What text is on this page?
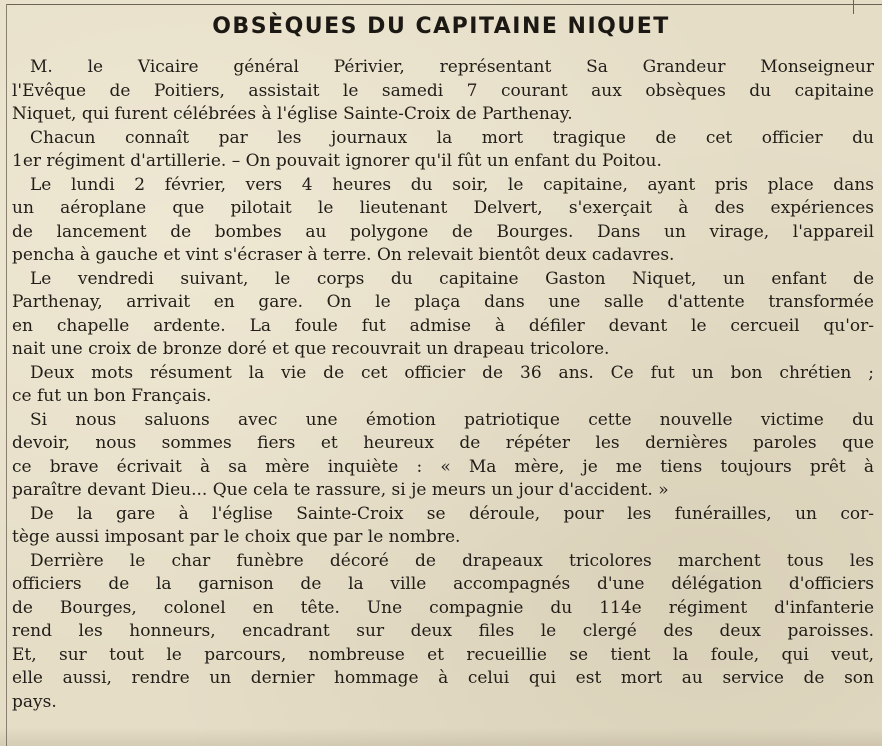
OBSÈQUES DU CAPITAINE NIQUET
M. le Vicaire général Périvier, représentant Sa Grandeur Monseigneur
l'Evêque de Poitiers, assistait le samedi 7 courant aux obsèques du capitaine
Niquet, qui furent célébrées à l'église Sainte-Croix de Parthenay.
Chacun connaît par les journaux la mort tragique de cet officier du
1er régiment d'artillerie. – On pouvait ignorer qu'il fût un enfant du Poitou.
Le lundi 2 février, vers 4 heures du soir, le capitaine, ayant pris place dans
un aéroplane que pilotait le lieutenant Delvert, s'exerçait à des expériences
de lancement de bombes au polygone de Bourges. Dans un virage, l'appareil
pencha à gauche et vint s'écraser à terre. On relevait bientôt deux cadavres.
Le vendredi suivant, le corps du capitaine Gaston Niquet, un enfant de
Parthenay, arrivait en gare. On le plaça dans une salle d'attente transformée
en chapelle ardente. La foule fut admise à défiler devant le cercueil qu'or-
nait une croix de bronze doré et que recouvrait un drapeau tricolore.
Deux mots résument la vie de cet officier de 36 ans. Ce fut un bon chrétien ;
ce fut un bon Français.
Si nous saluons avec une émotion patriotique cette nouvelle victime du
devoir, nous sommes fiers et heureux de répéter les dernières paroles que
ce brave écrivait à sa mère inquiète : « Ma mère, je me tiens toujours prêt à
paraître devant Dieu... Que cela te rassure, si je meurs un jour d'accident. »
De la gare à l'église Sainte-Croix se déroule, pour les funérailles, un cor-
tège aussi imposant par le choix que par le nombre.
Derrière le char funèbre décoré de drapeaux tricolores marchent tous les
officiers de la garnison de la ville accompagnés d'une délégation d'officiers
de Bourges, colonel en tête. Une compagnie du 114e régiment d'infanterie
rend les honneurs, encadrant sur deux files le clergé des deux paroisses.
Et, sur tout le parcours, nombreuse et recueillie se tient la foule, qui veut,
elle aussi, rendre un dernier hommage à celui qui est mort au service de son
pays.
